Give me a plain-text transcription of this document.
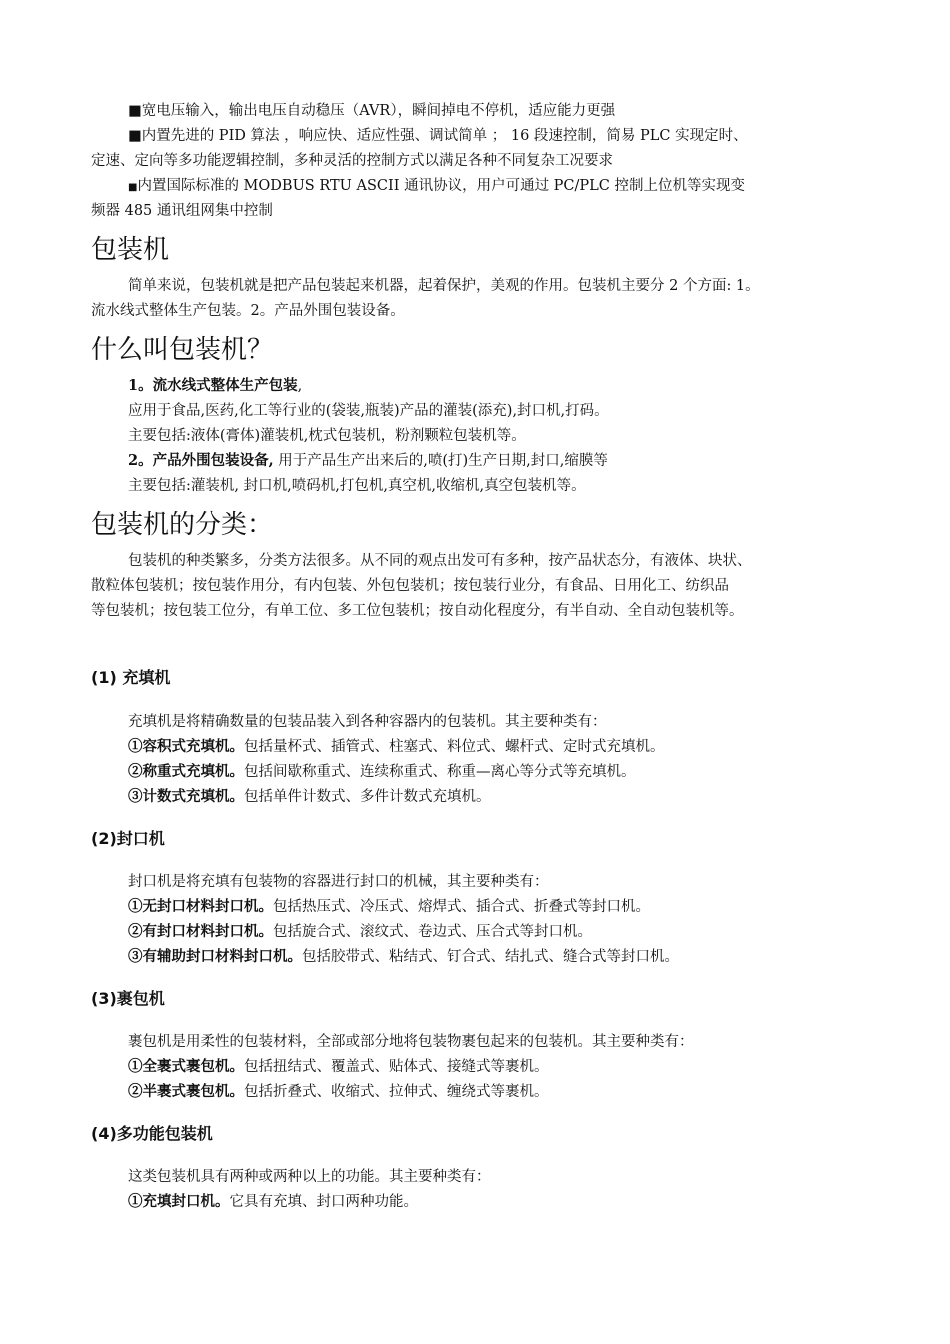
■宽电压输入，输出电压自动稳压（AVR），瞬间掉电不停机，适应能力更强
■内置先进的 PID 算法 ，响应快、适应性强、调试简单 ； 16 段速控制，简易 PLC 实现定时、
定速、定向等多功能逻辑控制，多种灵活的控制方式以满足各种不同复杂工况要求
■内置国际标准的 MODBUS RTU ASCII 通讯协议，用户可通过 PC/PLC 控制上位机等实现变
频器 485 通讯组网集中控制
包装机
简单来说，包装机就是把产品包装起来机器，起着保护，美观的作用。包装机主要分 2 个方面: 1。
流水线式整体生产包装。2。产品外围包装设备。
什么叫包装机？
1。流水线式整体生产包装,
应用于食品,医药,化工等行业的(袋装,瓶装)产品的灌装(添充),封口机,打码。
主要包括:液体(膏体)灌装机,枕式包装机，粉剂颗粒包装机等。
2。产品外围包装设备, 用于产品生产出来后的,喷(打)生产日期,封口,缩膜等
主要包括:灌装机, 封口机,喷码机,打包机,真空机,收缩机,真空包装机等。
包装机的分类：
包装机的种类繁多，分类方法很多。从不同的观点出发可有多种，按产品状态分，有液体、块状、
散粒体包装机；按包装作用分，有内包装、外包包装机；按包装行业分，有食品、日用化工、纺织品
等包装机；按包装工位分，有单工位、多工位包装机；按自动化程度分，有半自动、全自动包装机等。
(1) 充填机
充填机是将精确数量的包装品装入到各种容器内的包装机。其主要种类有：
①容积式充填机。包括量杯式、插管式、柱塞式、料位式、螺杆式、定时式充填机。
②称重式充填机。包括间歇称重式、连续称重式、称重—离心等分式等充填机。
③计数式充填机。包括单件计数式、多件计数式充填机。
(2)封口机
封口机是将充填有包装物的容器进行封口的机械，其主要种类有：
①无封口材料封口机。包括热压式、冷压式、熔焊式、插合式、折叠式等封口机。
②有封口材料封口机。包括旋合式、滚纹式、卷边式、压合式等封口机。
③有辅助封口材料封口机。包括胶带式、粘结式、钉合式、结扎式、缝合式等封口机。
(3)裹包机
裹包机是用柔性的包装材料，全部或部分地将包装物裹包起来的包装机。其主要种类有：
①全裹式裹包机。包括扭结式、覆盖式、贴体式、接缝式等裹机。
②半裹式裹包机。包括折叠式、收缩式、拉伸式、缠绕式等裹机。
(4)多功能包装机
这类包装机具有两种或两种以上的功能。其主要种类有：
①充填封口机。它具有充填、封口两种功能。
